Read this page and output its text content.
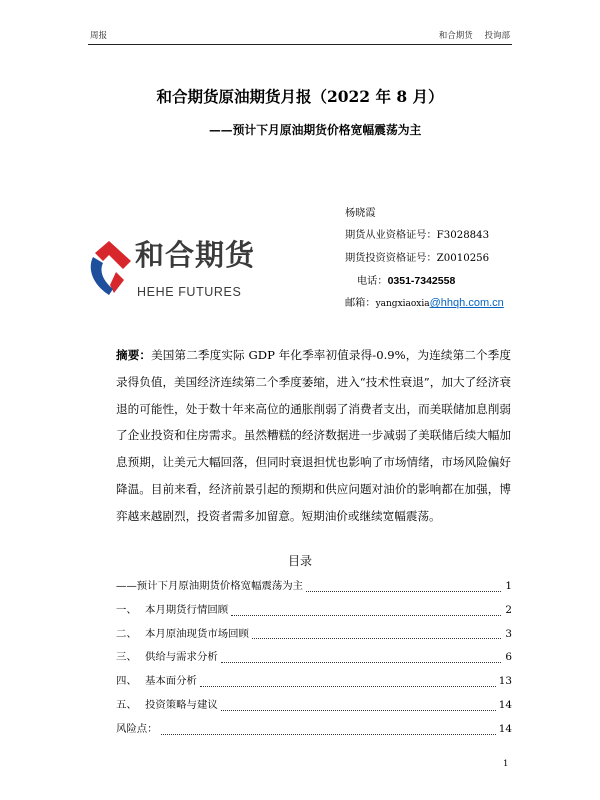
周报	和合期货 投询部
和合期货原油期货月报（2022 年 8 月）
——预计下月原油期货价格宽幅震荡为主
和合期货
HEHE FUTURES
杨晓霞
期货从业资格证号：F3028843
期货投资资格证号：Z0010256
电话：0351-7342558
邮箱：yangxiaoxia@hhqh.com.cn

摘要：美国第二季度实际 GDP 年化季率初值录得-0.9%，为连续第二个季度录得负值，美国经济连续第二个季度萎缩，进入“技术性衰退”，加大了经济衰退的可能性，处于数十年来高位的通胀削弱了消费者支出，而美联储加息削弱了企业投资和住房需求。虽然糟糕的经济数据进一步减弱了美联储后续大幅加息预期，让美元大幅回落，但同时衰退担忧也影响了市场情绪，市场风险偏好降温。目前来看，经济前景引起的预期和供应问题对油价的影响都在加强，博弈越来越剧烈，投资者需多加留意。短期油价或继续宽幅震荡。

目录
——预计下月原油期货价格宽幅震荡为主	1
一、 本月期货行情回顾	2
二、 本月原油现货市场回顾	3
三、 供给与需求分析	6
四、 基本面分析	13
五、 投资策略与建议	14
风险点：	14
1
